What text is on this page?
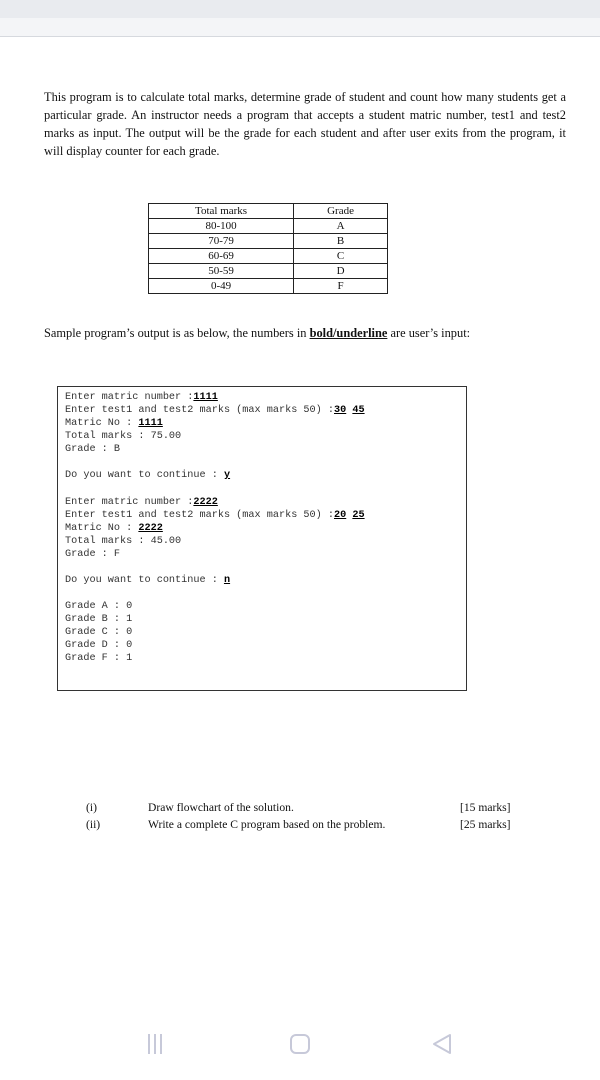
This program is to calculate total marks, determine grade of student and count how many students get a particular grade. An instructor needs a program that accepts a student matric number, test1 and test2 marks as input. The output will be the grade for each student and after user exits from the program, it will display counter for each grade.

Total marks	Grade
80-100	A
70-79	B
60-69	C
50-59	D
0-49	F

Sample program’s output is as below, the numbers in bold/underline are user’s input:

Enter matric number :1111
Enter test1 and test2 marks (max marks 50) :30 45
Matric No : 1111
Total marks : 75.00
Grade : B
Do you want to continue : y
Enter matric number :2222
Enter test1 and test2 marks (max marks 50) :20 25
Matric No : 2222
Total marks : 45.00
Grade : F
Do you want to continue : n
Grade A : 0
Grade B : 1
Grade C : 0
Grade D : 0
Grade F : 1
(i)	Draw flowchart of the solution.	[15 marks]
(ii)	Write a complete C program based on the problem.	[25 marks]
